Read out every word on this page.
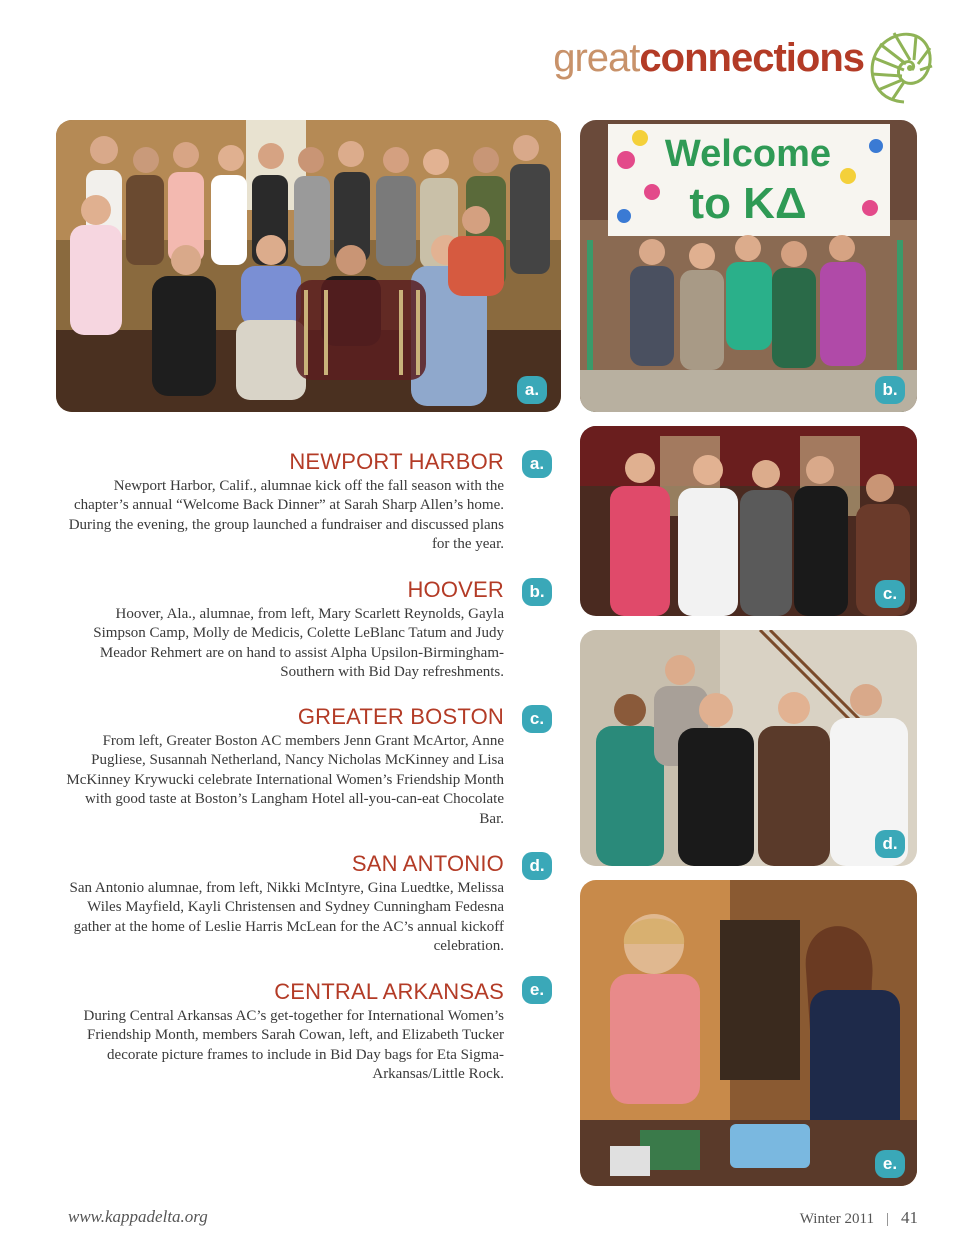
greatconnections
a.
Welcome
to KΔ
b.
c.
d.
e.
NEWPORT HARBOR

Newport Harbor, Calif., alumnae kick off the fall season with the chapter’s annual “Welcome Back Dinner” at Sarah Sharp Allen’s home. During the evening, the group launched a fundraiser and discussed plans for the year.

a.
HOOVER

Hoover, Ala., alumnae, from left, Mary Scarlett Reynolds, Gayla Simpson Camp, Molly de Medicis, Colette LeBlanc Tatum and Judy Meador Rehmert are on hand to assist Alpha Upsilon-Birmingham-Southern with Bid Day refreshments.

b.
GREATER BOSTON

From left, Greater Boston AC members Jenn Grant McArtor, Anne Pugliese, Susannah Netherland, Nancy Nicholas McKinney and Lisa McKinney Krywucki celebrate International Women’s Friendship Month with good taste at Boston’s Langham Hotel all-you-can-eat Chocolate Bar.

c.
SAN ANTONIO

San Antonio alumnae, from left, Nikki McIntyre, Gina Luedtke, Melissa Wiles Mayfield, Kayli Christensen and Sydney Cunningham Fedesna gather at the home of Leslie Harris McLean for the AC’s annual kickoff celebration.

d.
CENTRAL ARKANSAS

During Central Arkansas AC’s get-together for International Women’s Friendship Month, members Sarah Cowan, left, and Elizabeth Tucker decorate picture frames to include in Bid Day bags for Eta Sigma-Arkansas/Little Rock.

e.
www.kappadelta.org	Winter 2011 | 41
